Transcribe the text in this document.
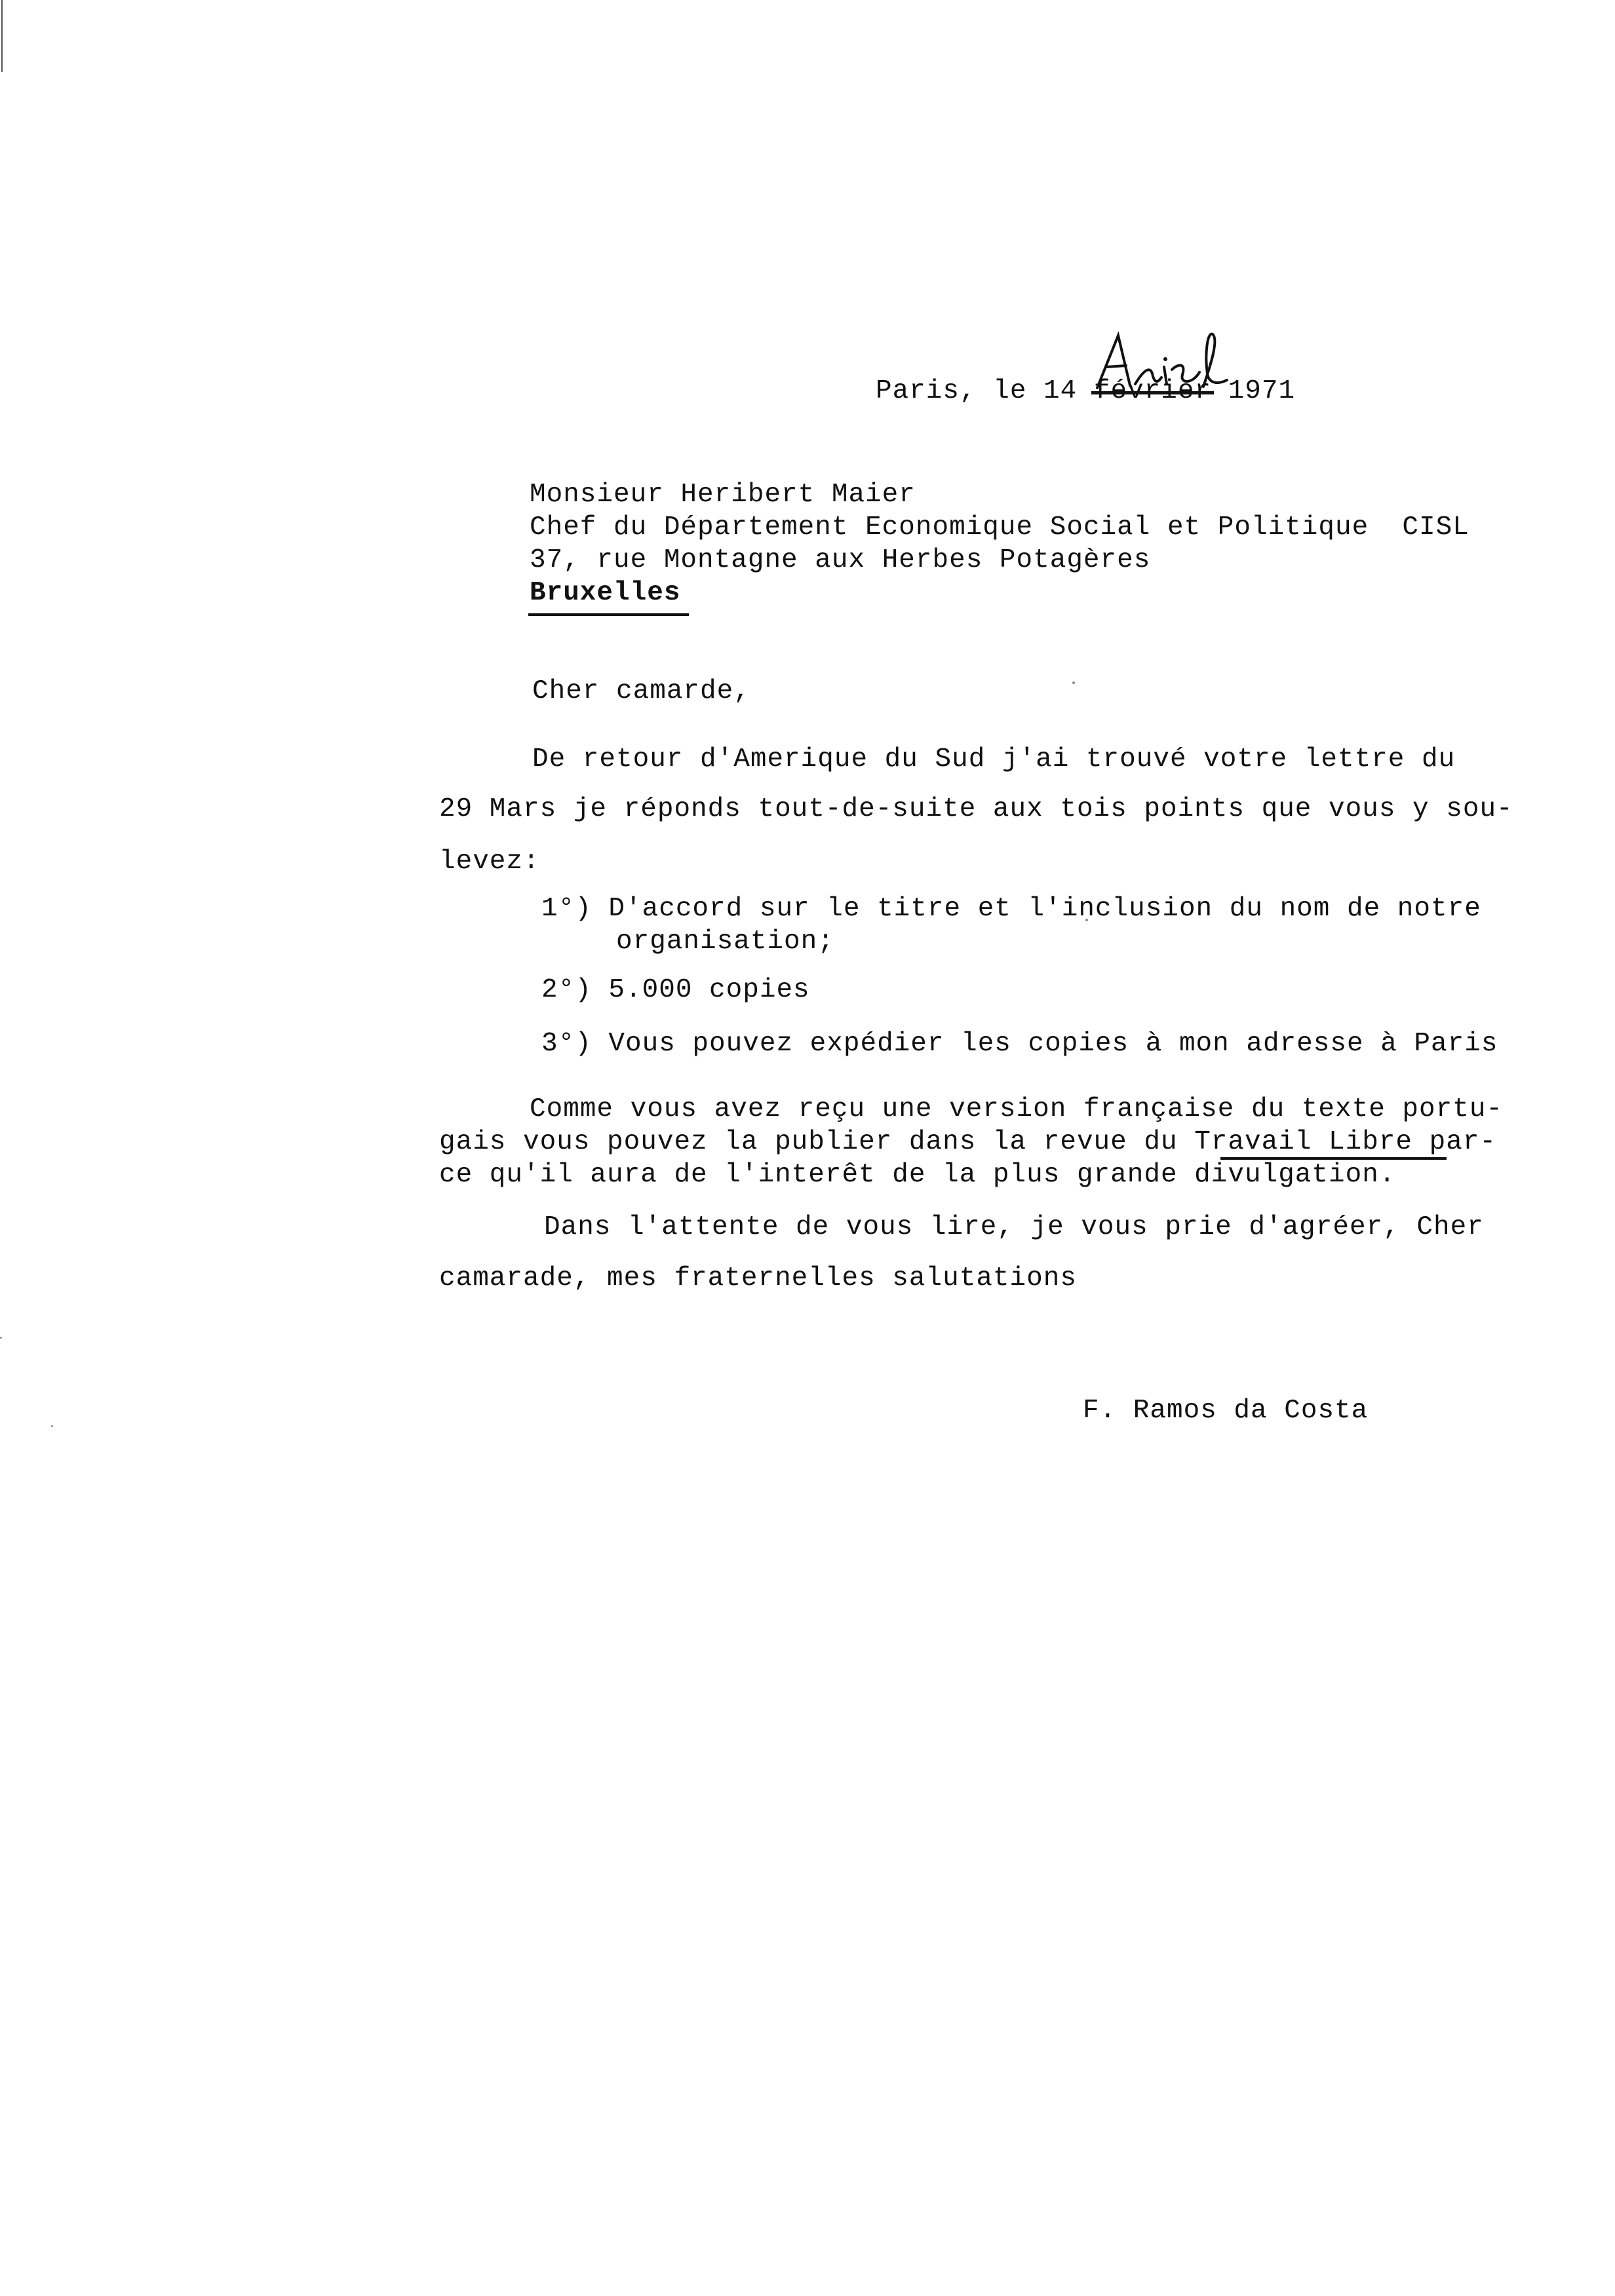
Paris, le 14 février 1971
Monsieur Heribert Maier
Chef du Département Economique Social et Politique  CISL
37, rue Montagne aux Herbes Potagères
Bruxelles
Cher camarde,
De retour d'Amerique du Sud j'ai trouvé votre lettre du
29 Mars je réponds tout-de-suite aux tois points que vous y sou-
levez:
1°) D'accord sur le titre et l'inclusion du nom de notre
organisation;
2°) 5.000 copies
3°) Vous pouvez expédier les copies à mon adresse à Paris
Comme vous avez reçu une version française du texte portu-
gais vous pouvez la publier dans la revue du Travail Libre par-
ce qu'il aura de l'interêt de la plus grande divulgation.
Dans l'attente de vous lire, je vous prie d'agréer, Cher
camarade, mes fraternelles salutations
F. Ramos da Costa
